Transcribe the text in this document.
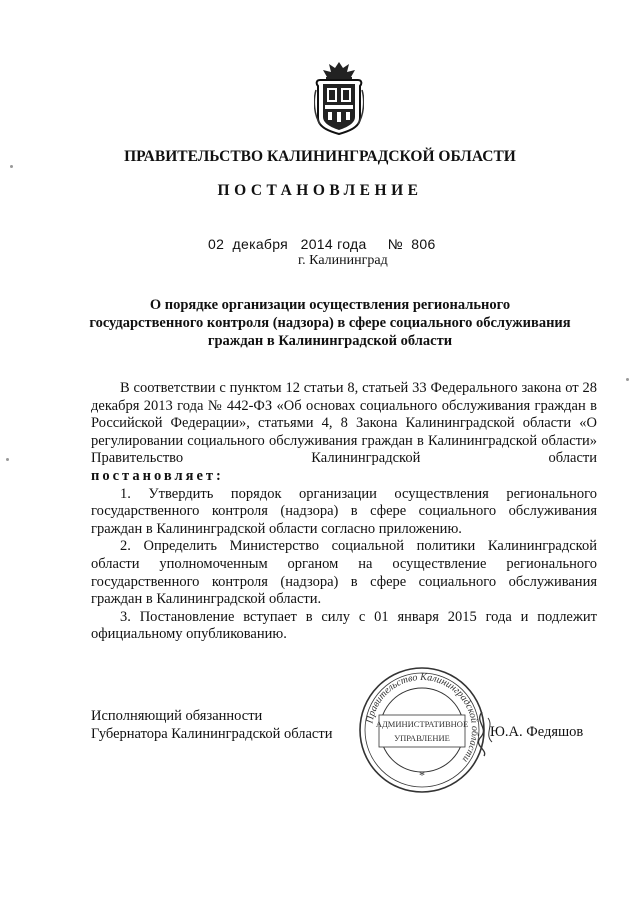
ПРАВИТЕЛЬСТВО КАЛИНИНГРАДСКОЙ ОБЛАСТИ
ПОСТАНОВЛЕНИЕ
02  декабря   2014 года №  806
г. Калининград
О порядке организации осуществления регионального
государственного контроля (надзора) в сфере социального обслуживания
граждан в Калининградской области

В соответствии с пунктом 12 статьи 8, статьей 33 Федерального закона от 28 декабря 2013 года № 442-ФЗ «Об основах социального обслуживания граждан в Российской Федерации», статьями 4, 8 Закона Калининградской области «О регулировании социального обслуживания граждан в Калининградской области» Правительство Калининградской области

постановляет:

1. Утвердить порядок организации осуществления регионального государственного контроля (надзора) в сфере социального обслуживания граждан в Калининградской области согласно приложению.

2. Определить Министерство социальной политики Калининградской области уполномоченным органом на осуществление регионального государственного контроля (надзора) в сфере социального обслуживания граждан в Калининградской области.

3. Постановление вступает в силу с 01 января 2015 года и подлежит официальному опубликованию.

Исполняющий обязанности
Губернатора Калининградской области
Правительство Калининградской области
АДМИНИСТРАТИВНОЕ
УПРАВЛЕНИЕ
*
Ю.А. Федяшов
